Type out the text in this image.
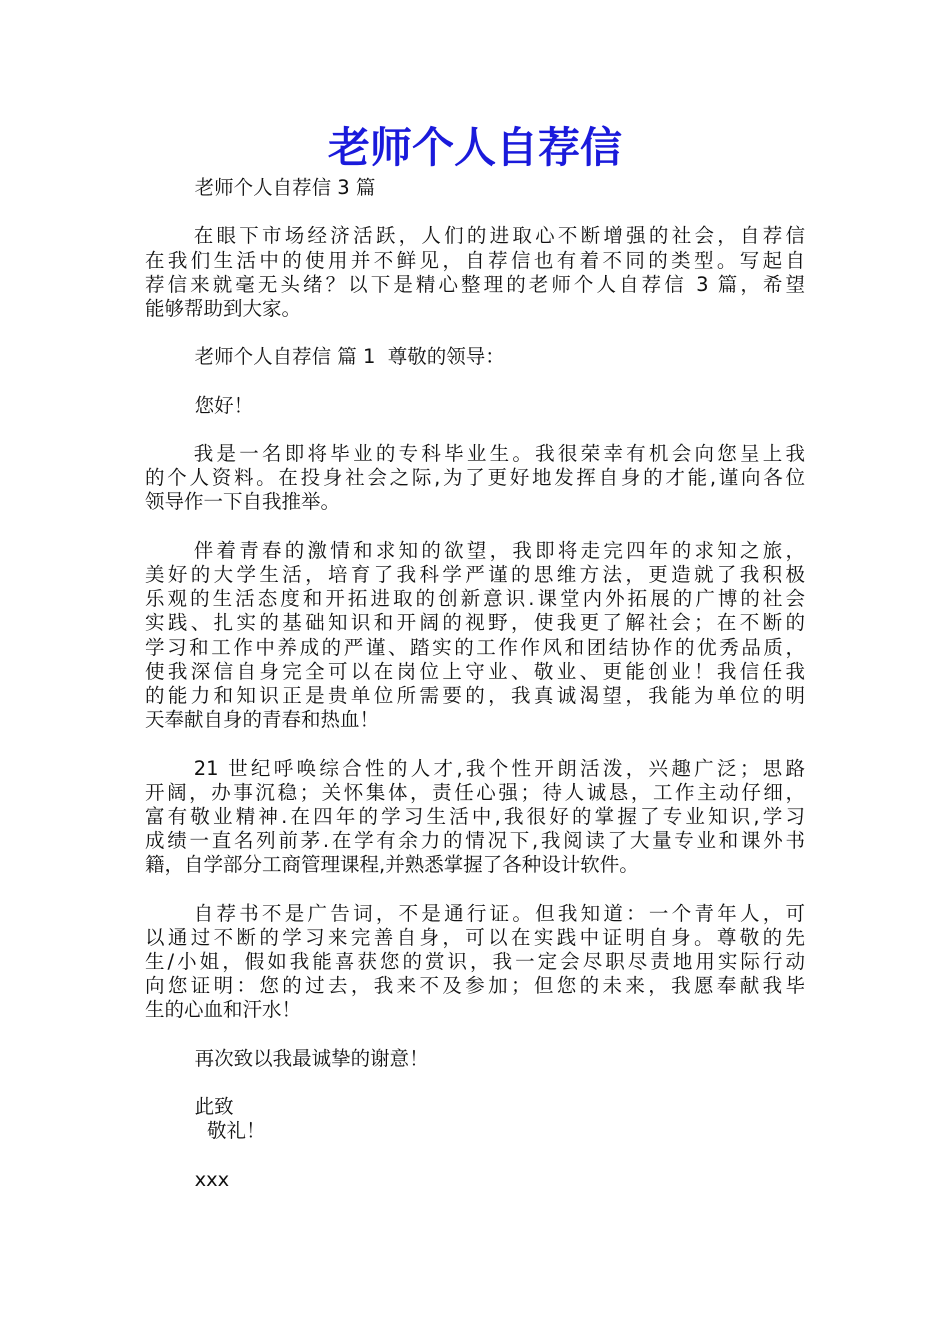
老师个人自荐信
老师个人自荐信 3 篇
在眼下市场经济活跃，人们的进取心不断增强的社会，自荐信
在我们生活中的使用并不鲜见，自荐信也有着不同的类型。写起自
荐信来就毫无头绪？以下是精心整理的老师个人自荐信 3 篇，希望
能够帮助到大家。
老师个人自荐信 篇 1  尊敬的领导：
您好！
我是一名即将毕业的专科毕业生。我很荣幸有机会向您呈上我
的个人资料。在投身社会之际,为了更好地发挥自身的才能,谨向各位
领导作一下自我推举。
伴着青春的激情和求知的欲望，我即将走完四年的求知之旅，
美好的大学生活，培育了我科学严谨的思维方法，更造就了我积极
乐观的生活态度和开拓进取的创新意识.课堂内外拓展的广博的社会
实践、扎实的基础知识和开阔的视野，使我更了解社会；在不断的
学习和工作中养成的严谨、踏实的工作作风和团结协作的优秀品质，
使我深信自身完全可以在岗位上守业、敬业、更能创业！我信任我
的能力和知识正是贵单位所需要的，我真诚渴望，我能为单位的明
天奉献自身的青春和热血！
21 世纪呼唤综合性的人才,我个性开朗活泼，兴趣广泛；思路
开阔，办事沉稳；关怀集体，责任心强；待人诚恳，工作主动仔细，
富有敬业精神.在四年的学习生活中,我很好的掌握了专业知识,学习
成绩一直名列前茅.在学有余力的情况下,我阅读了大量专业和课外书
籍，自学部分工商管理课程,并熟悉掌握了各种设计软件。
自荐书不是广告词，不是通行证。但我知道：一个青年人，可
以通过不断的学习来完善自身，可以在实践中证明自身。尊敬的先
生/小姐，假如我能喜获您的赏识，我一定会尽职尽责地用实际行动
向您证明：您的过去，我来不及参加；但您的未来，我愿奉献我毕
生的心血和汗水！
再次致以我最诚挚的谢意！
此致
敬礼！
xxx
